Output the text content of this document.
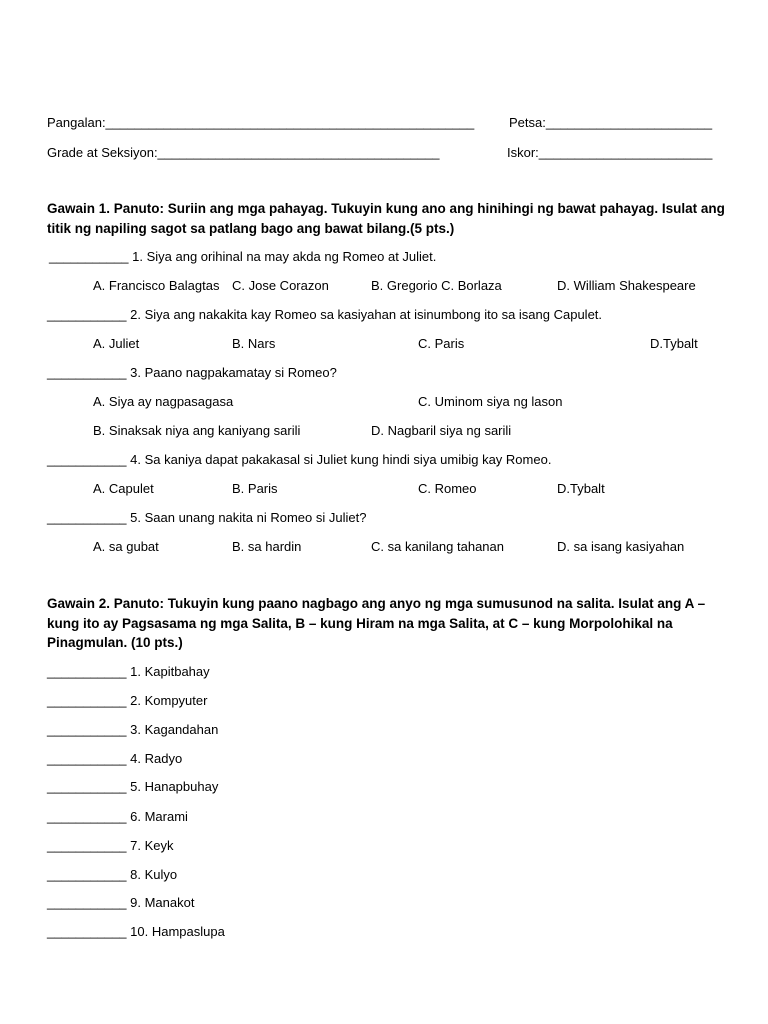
Pangalan:___________________________________________________	Petsa:_______________________
Grade at Seksiyon:_______________________________________	Iskor:________________________
Gawain 1. Panuto: Suriin ang mga pahayag. Tukuyin kung ano ang hinihingi ng bawat pahayag. Isulat ang titik ng napiling sagot sa patlang bago ang bawat bilang.(5 pts.)
___________ 1. Siya ang orihinal na may akda ng Romeo at Juliet.
A. Francisco Balagtas C. Jose Corazon	B. Gregorio C. Borlaza	D. William Shakespeare
___________ 2. Siya ang nakakita kay Romeo sa kasiyahan at isinumbong ito sa isang Capulet.
A. Juliet	B. Nars	C. Paris	D.Tybalt
___________ 3. Paano nagpakamatay si Romeo?
A. Siya ay nagpasagasa	C. Uminom siya ng lason
B. Sinaksak niya ang kaniyang sarili	D. Nagbaril siya ng sarili
___________ 4. Sa kaniya dapat pakakasal si Juliet kung hindi siya umibig kay Romeo.
A. Capulet	B. Paris	C. Romeo	D.Tybalt
___________ 5. Saan unang nakita ni Romeo si Juliet?
A. sa gubat	B. sa hardin	C. sa kanilang tahanan	D. sa isang kasiyahan
Gawain 2. Panuto: Tukuyin kung paano nagbago ang anyo ng mga sumusunod na salita. Isulat ang A – kung ito ay Pagsasama ng mga Salita, B – kung Hiram na mga Salita, at C – kung Morpolohikal na Pinagmulan. (10 pts.)
___________ 1. Kapitbahay
___________ 2. Kompyuter
___________ 3. Kagandahan
___________ 4. Radyo
___________ 5. Hanapbuhay
___________ 6. Marami
___________ 7. Keyk
___________ 8. Kulyo
___________ 9. Manakot
___________ 10. Hampaslupa
